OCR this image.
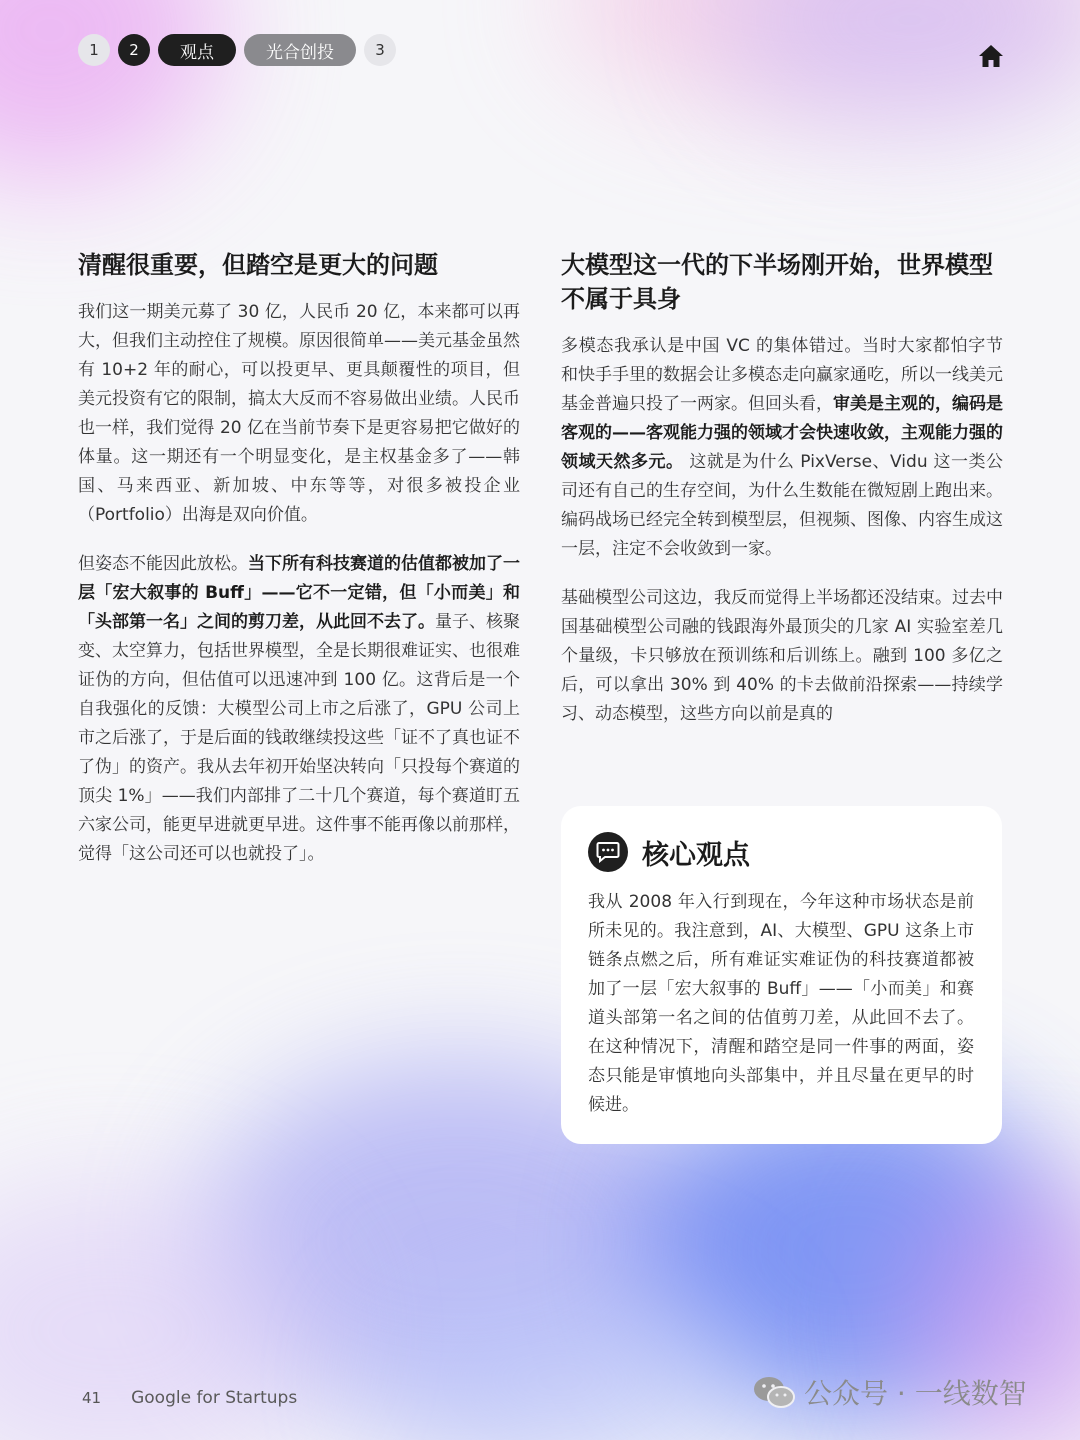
1	2	观点	光合创投	3
清醒很重要，但踏空是更大的问题

我们这一期美元募了 30 亿，人民币 20 亿，本来都可以再大，但我们主动控住了规模。原因很简单——美元基金虽然有 10+2 年的耐心，可以投更早、更具颠覆性的项目，但美元投资有它的限制，搞太大反而不容易做出业绩。人民币也一样，我们觉得 20 亿在当前节奏下是更容易把它做好的体量。这一期还有一个明显变化，是主权基金多了——韩国、马来西亚、新加坡、中东等等，对很多被投企业（Portfolio）出海是双向价值。

但姿态不能因此放松。当下所有科技赛道的估值都被加了一层「宏大叙事的 Buff」——它不一定错，但「小而美」和「头部第一名」之间的剪刀差，从此回不去了。量子、核聚变、太空算力，包括世界模型，全是长期很难证实、也很难证伪的方向，但估值可以迅速冲到 100 亿。这背后是一个自我强化的反馈：大模型公司上市之后涨了，GPU 公司上市之后涨了，于是后面的钱敢继续投这些「证不了真也证不了伪」的资产。我从去年初开始坚决转向「只投每个赛道的顶尖 1%」——我们内部排了二十几个赛道，每个赛道盯五六家公司，能更早进就更早进。这件事不能再像以前那样，觉得「这公司还可以也就投了」。

大模型这一代的下半场刚开始，世界模型不属于具身

多模态我承认是中国 VC 的集体错过。当时大家都怕字节和快手手里的数据会让多模态走向赢家通吃，所以一线美元基金普遍只投了一两家。但回头看，审美是主观的，编码是客观的——客观能力强的领域才会快速收敛，主观能力强的领域天然多元。 这就是为什么 PixVerse、Vidu 这一类公司还有自己的生存空间，为什么生数能在微短剧上跑出来。编码战场已经完全转到模型层，但视频、图像、内容生成这一层，注定不会收敛到一家。

基础模型公司这边，我反而觉得上半场都还没结束。过去中国基础模型公司融的钱跟海外最顶尖的几家 AI 实验室差几个量级，卡只够放在预训练和后训练上。融到 100 多亿之后，可以拿出 30% 到 40% 的卡去做前沿探索——持续学习、动态模型，这些方向以前是真的

核心观点

我从 2008 年入行到现在，今年这种市场状态是前所未见的。我注意到，AI、大模型、GPU 这条上市链条点燃之后，所有难证实难证伪的科技赛道都被加了一层「宏大叙事的 Buff」——「小而美」和赛道头部第一名之间的估值剪刀差，从此回不去了。在这种情况下，清醒和踏空是同一件事的两面，姿态只能是审慎地向头部集中，并且尽量在更早的时候进。

41 Google for Startups	公众号 · 一线数智
